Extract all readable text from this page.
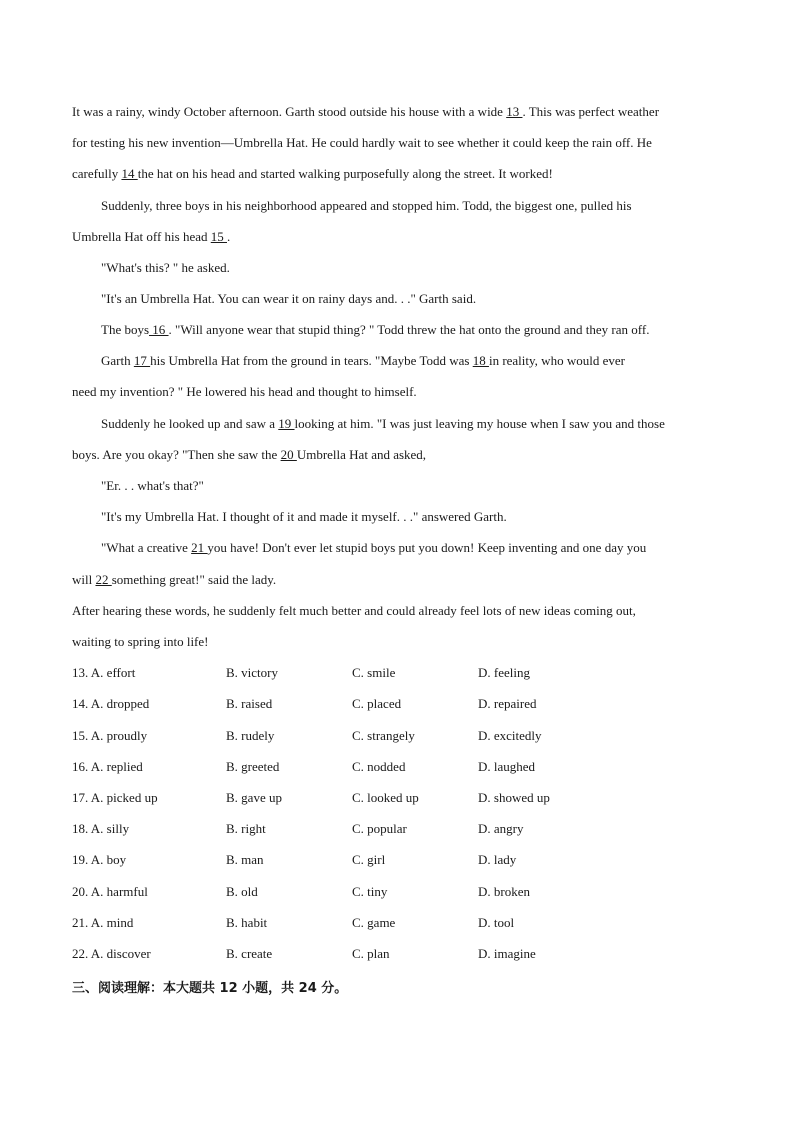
It was a rainy, windy October afternoon. Garth stood outside his house with a wide 13 . This was perfect weather
for testing his new invention—Umbrella Hat. He could hardly wait to see whether it could keep the rain off. He
carefully 14 the hat on his head and started walking purposefully along the street. It worked!
Suddenly, three boys in his neighborhood appeared and stopped him. Todd, the biggest one, pulled his
Umbrella Hat off his head 15 .
"What's this? " he asked.
"It's an Umbrella Hat. You can wear it on rainy days and. . ." Garth said.
The boys 16 . "Will anyone wear that stupid thing? " Todd threw the hat onto the ground and they ran off.
Garth 17 his Umbrella Hat from the ground in tears. "Maybe Todd was 18 in reality, who would ever
need my invention? " He lowered his head and thought to himself.
Suddenly he looked up and saw a 19 looking at him. "I was just leaving my house when I saw you and those
boys. Are you okay? "Then she saw the 20 Umbrella Hat and asked,
"Er. . . what's that?"
"It's my Umbrella Hat. I thought of it and made it myself. . ." answered Garth.
"What a creative 21 you have! Don't ever let stupid boys put you down! Keep inventing and one day you
will 22 something great!" said the lady.
After hearing these words, he suddenly felt much better and could already feel lots of new ideas coming out,
waiting to spring into life!
13. A. effort	B. victory	C. smile	D. feeling
14. A. dropped	B. raised	C. placed	D. repaired
15. A. proudly	B. rudely	C. strangely	D. excitedly
16. A. replied	B. greeted	C. nodded	D. laughed
17. A. picked up	B. gave up	C. looked up	D. showed up
18. A. silly	B. right	C. popular	D. angry
19. A. boy	B. man	C. girl	D. lady
20. A. harmful	B. old	C. tiny	D. broken
21. A. mind	B. habit	C. game	D. tool
22. A. discover	B. create	C. plan	D. imagine
三、阅读理解：本大题共 12 小题，共 24 分。
